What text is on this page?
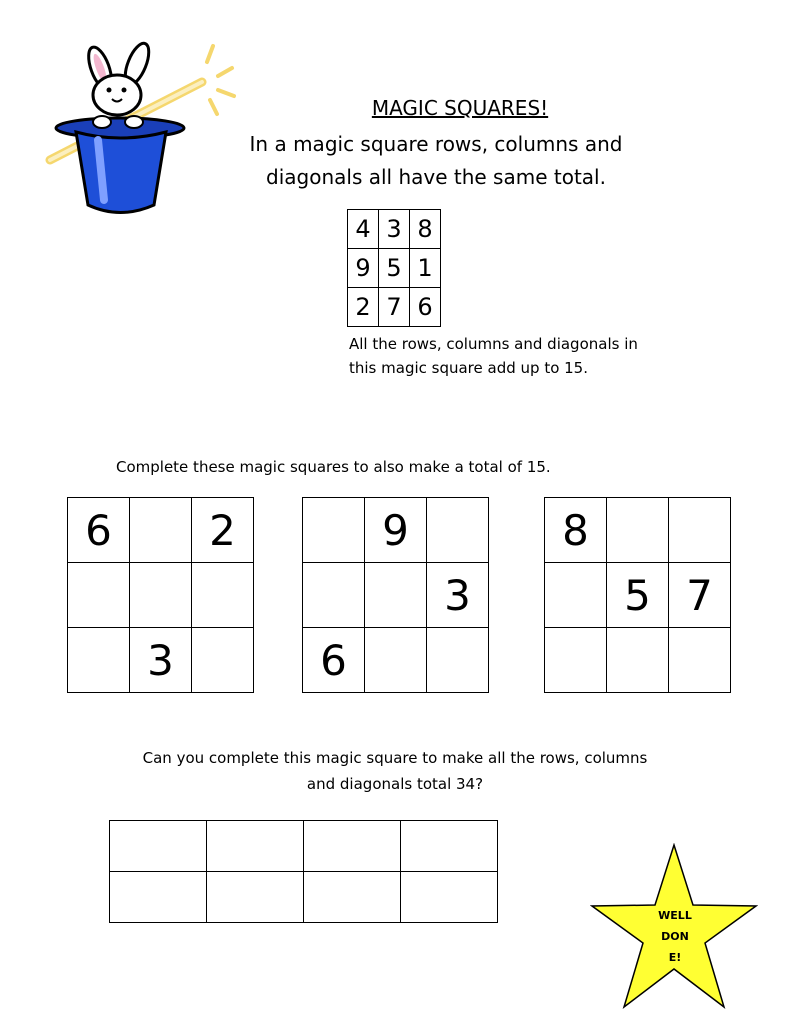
MAGIC SQUARES!
In a magic square rows, columns and
diagonals all have the same total.
4	3	8
9	5	1
2	7	6
All the rows, columns and diagonals in
this magic square add up to 15.
Complete these magic squares to also make a total of 15.
6		2

	3	
	9	
		3
6		
8		
	5	7

Can you complete this magic square to make all the rows, columns
and diagonals total 34?

WELL
DON
E!
